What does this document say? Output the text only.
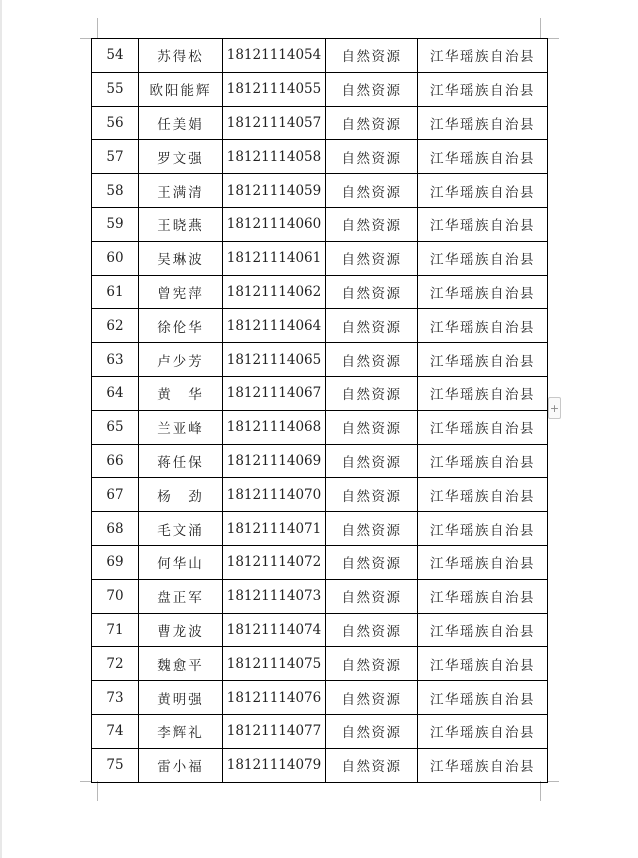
54	苏得松	18121114054	自然资源	江华瑶族自治县
55	欧阳能辉	18121114055	自然资源	江华瑶族自治县
56	任美娟	18121114057	自然资源	江华瑶族自治县
57	罗文强	18121114058	自然资源	江华瑶族自治县
58	王满清	18121114059	自然资源	江华瑶族自治县
59	王晓燕	18121114060	自然资源	江华瑶族自治县
60	吴琳波	18121114061	自然资源	江华瑶族自治县
61	曾宪萍	18121114062	自然资源	江华瑶族自治县
62	徐伦华	18121114064	自然资源	江华瑶族自治县
63	卢少芳	18121114065	自然资源	江华瑶族自治县
64	黄　华	18121114067	自然资源	江华瑶族自治县
65	兰亚峰	18121114068	自然资源	江华瑶族自治县
66	蒋任保	18121114069	自然资源	江华瑶族自治县
67	杨　劲	18121114070	自然资源	江华瑶族自治县
68	毛文涌	18121114071	自然资源	江华瑶族自治县
69	何华山	18121114072	自然资源	江华瑶族自治县
70	盘正军	18121114073	自然资源	江华瑶族自治县
71	曹龙波	18121114074	自然资源	江华瑶族自治县
72	魏愈平	18121114075	自然资源	江华瑶族自治县
73	黄明强	18121114076	自然资源	江华瑶族自治县
74	李辉礼	18121114077	自然资源	江华瑶族自治县
75	雷小福	18121114079	自然资源	江华瑶族自治县
+
